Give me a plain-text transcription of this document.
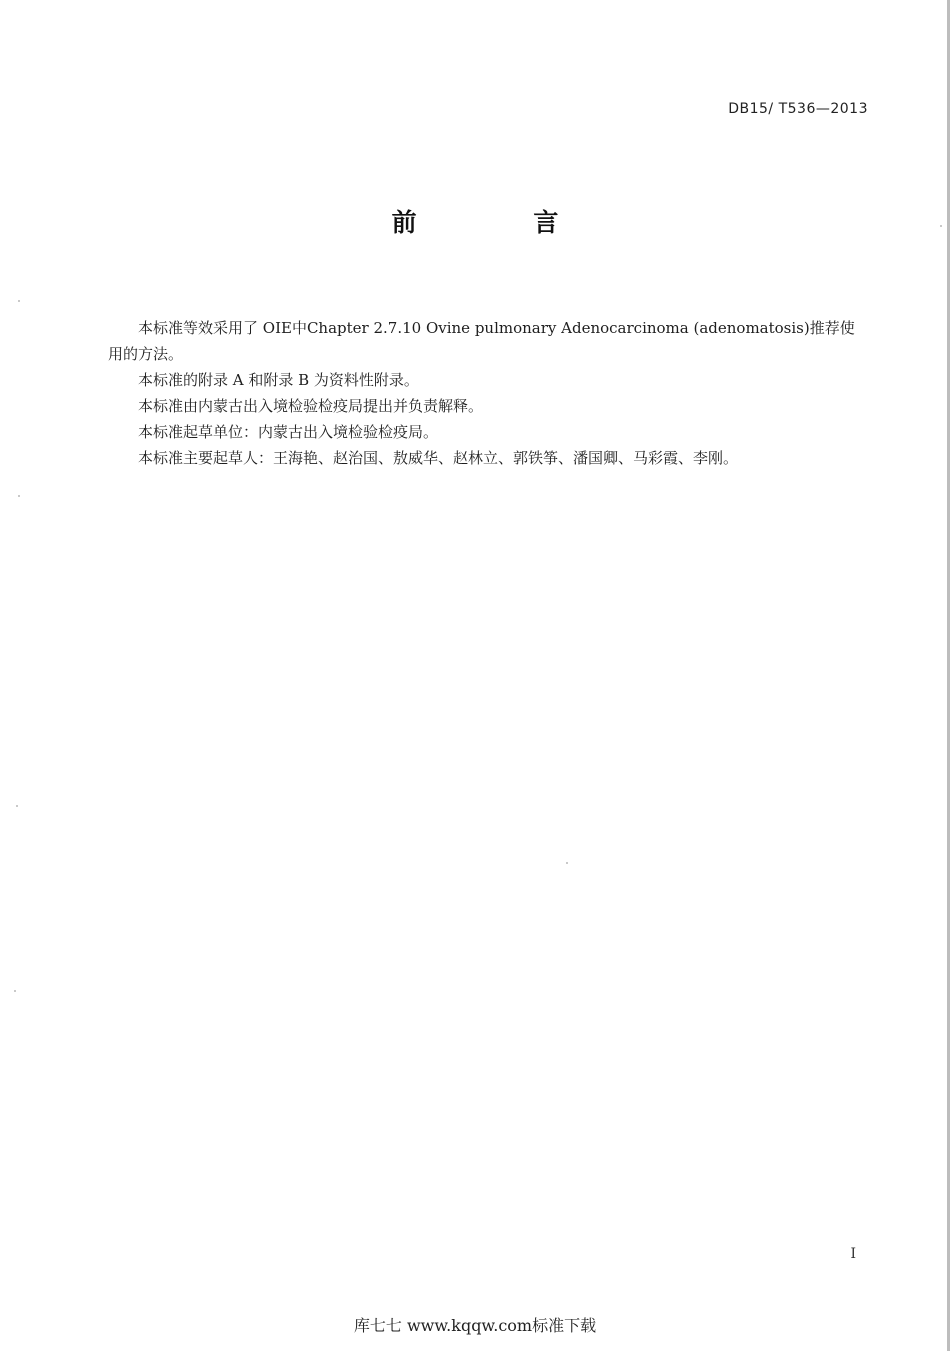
DB15/ T536—2013
前 言

本标准等效采用了 OIE中Chapter 2.7.10 Ovine pulmonary Adenocarcinoma (adenomatosis)推荐使用的方法。

本标准的附录 A 和附录 B 为资料性附录。

本标准由内蒙古出入境检验检疫局提出并负责解释。

本标准起草单位：内蒙古出入境检验检疫局。

本标准主要起草人：王海艳、赵治国、敖威华、赵林立、郭铁筝、潘国卿、马彩霞、李刚。

I
库七七 www.kqqw.com标准下载
